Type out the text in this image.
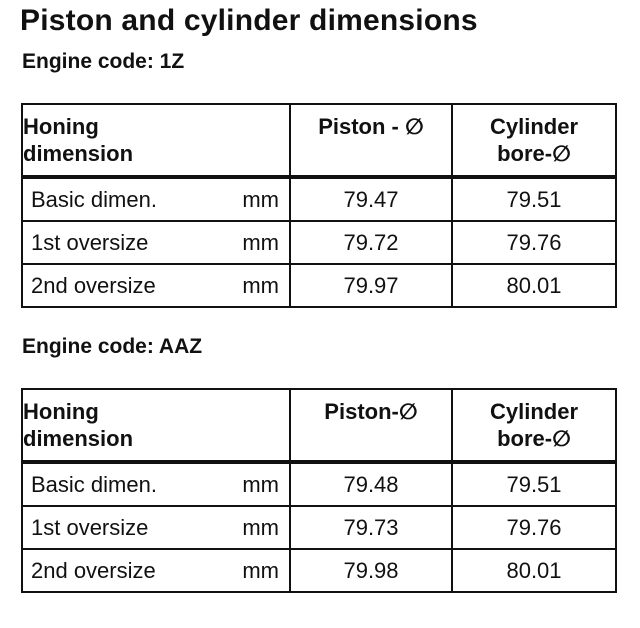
Piston and cylinder dimensions
Engine code: 1Z
Honing
dimension	Piston - ∅	Cylinder
bore-∅

Basic dimen. mm	79.47	79.51
1st oversize mm	79.72	79.76
2nd oversize mm	79.97	80.01
Engine code: AAZ
Honing
dimension	Piston-∅	Cylinder
bore-∅

Basic dimen. mm	79.48	79.51
1st oversize mm	79.73	79.76
2nd oversize mm	79.98	80.01
